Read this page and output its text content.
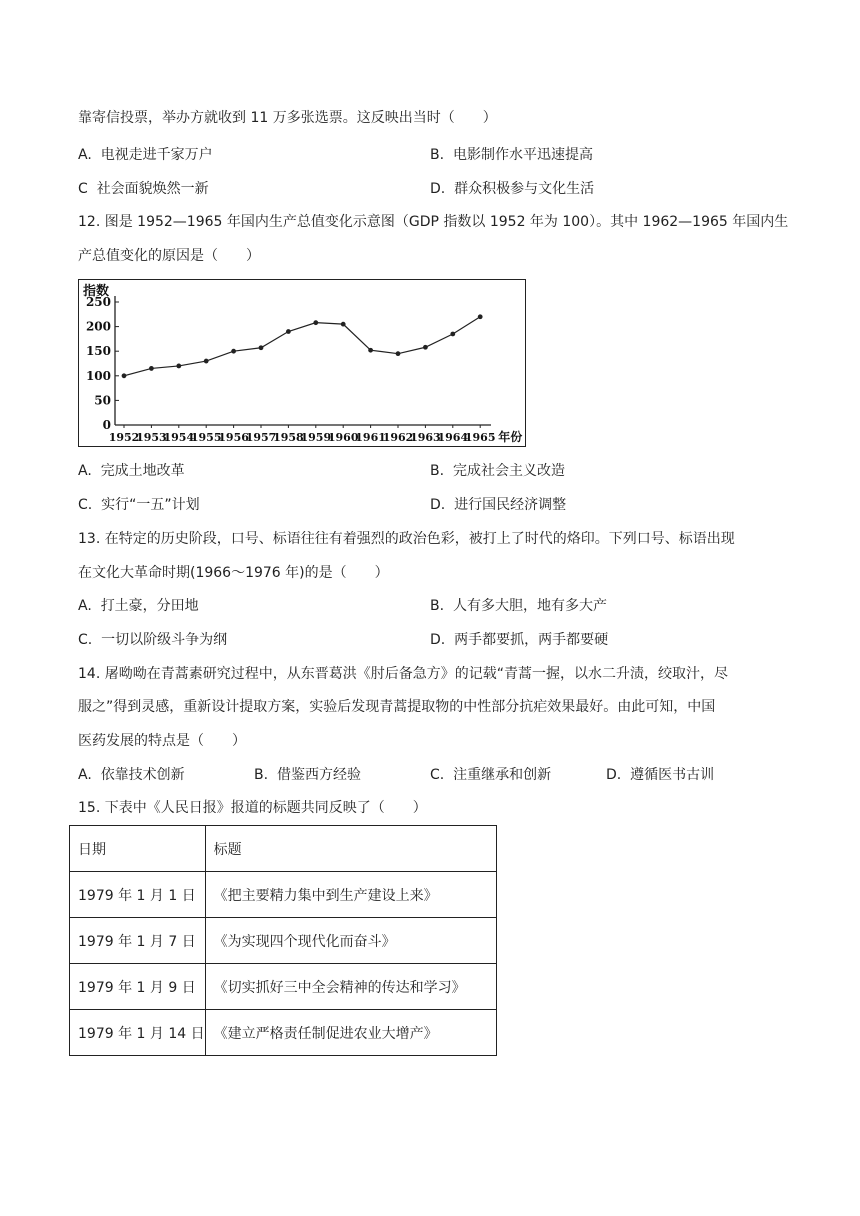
靠寄信投票，举办方就收到 11 万多张选票。这反映出当时（　　）
A. 电视走进千家万户	B. 电影制作水平迅速提高
C 社会面貌焕然一新	D. 群众积极参与文化生活
12. 图是 1952—1965 年国内生产总值变化示意图（GDP 指数以 1952 年为 100）。其中 1962—1965 年国内生
产总值变化的原因是（　　）
0
50
100
150
200
250
指数
1952
1953
1954
1955
1956
1957
1958
1959
1960
1961
1962
1963
1964
1965 年份
A. 完成土地改革	B. 完成社会主义改造
C. 实行“一五”计划	D. 进行国民经济调整
13. 在特定的历史阶段，口号、标语往往有着强烈的政治色彩，被打上了时代的烙印。下列口号、标语出现
在文化大革命时期(1966～1976 年)的是（　　）
A. 打土豪，分田地	B. 人有多大胆，地有多大产
C. 一切以阶级斗争为纲	D. 两手都要抓，两手都要硬
14. 屠呦呦在青蒿素研究过程中，从东晋葛洪《肘后备急方》的记载“青蒿一握，以水二升渍，绞取汁，尽
服之”得到灵感，重新设计提取方案，实验后发现青蒿提取物的中性部分抗疟效果最好。由此可知，中国
医药发展的特点是（　　）
A. 依靠技术创新	B. 借鉴西方经验	C. 注重继承和创新	D. 遵循医书古训
15. 下表中《人民日报》报道的标题共同反映了（　　）
日期	标题
1979 年 1 月 1 日	《把主要精力集中到生产建设上来》
1979 年 1 月 7 日	《为实现四个现代化而奋斗》
1979 年 1 月 9 日	《切实抓好三中全会精神的传达和学习》
1979 年 1 月 14 日	《建立严格责任制促进农业大增产》
